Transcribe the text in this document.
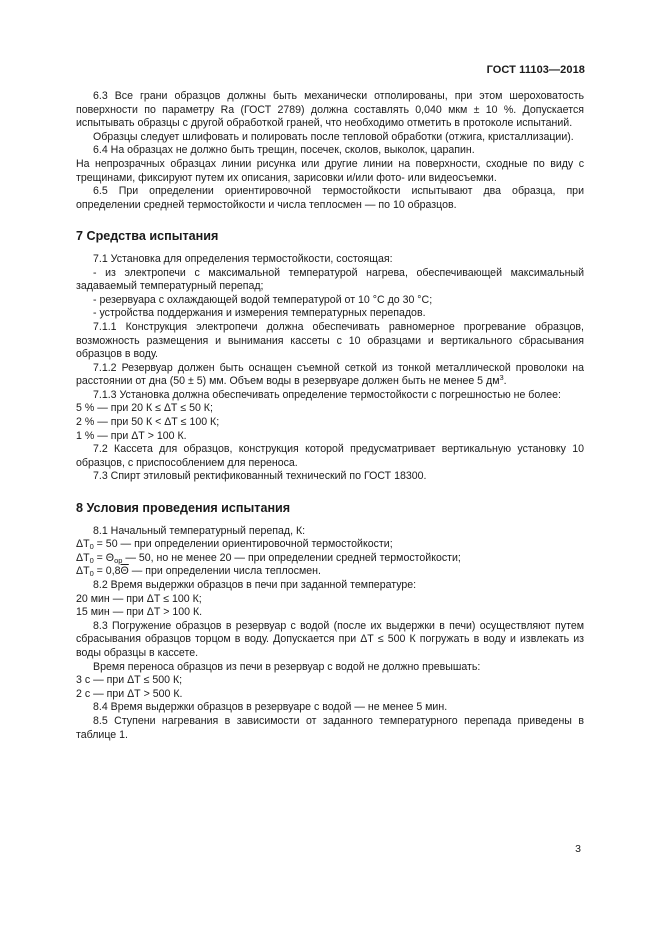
ГОСТ 11103—2018

6.3 Все грани образцов должны быть механически отполированы, при этом шероховатость поверхности по параметру Ra (ГОСТ 2789) должна составлять 0,040 мкм ± 10 %. Допускается испытывать образцы с другой обработкой граней, что необходимо отметить в протоколе испытаний.

Образцы следует шлифовать и полировать после тепловой обработки (отжига, кристаллизации).

6.4 На образцах не должно быть трещин, посечек, сколов, выколок, царапин.

На непрозрачных образцах линии рисунка или другие линии на поверхности, сходные по виду с трещинами, фиксируют путем их описания, зарисовки и/или фото- или видеосъемки.

6.5 При определении ориентировочной термостойкости испытывают два образца, при определении средней термостойкости и числа теплосмен — по 10 образцов.

7 Средства испытания

7.1 Установка для определения термостойкости, состоящая:

- из электропечи с максимальной температурой нагрева, обеспечивающей максимальный задаваемый температурный перепад;

- резервуара с охлаждающей водой температурой от 10 °С до 30 °С;

- устройства поддержания и измерения температурных перепадов.

7.1.1 Конструкция электропечи должна обеспечивать равномерное прогревание образцов, возможность размещения и вынимания кассеты с 10 образцами и вертикального сбрасывания образцов в воду.

7.1.2 Резервуар должен быть оснащен съемной сеткой из тонкой металлической проволоки на расстоянии от дна (50 ± 5) мм. Объем воды в резервуаре должен быть не менее 5 $дм^3$.

7.1.3 Установка должна обеспечивать определение термостойкости с погрешностью не более:

5 % — при 20 К ≤ ΔТ ≤ 50 К;

2 % — при 50 К < ΔТ ≤ 100 К;

1 % — при ΔТ > 100 К.

7.2 Кассета для образцов, конструкция которой предусматривает вертикальную установку 10 образцов, с приспособлением для переноса.

7.3 Спирт этиловый ректификованный технический по ГОСТ 18300.

8 Условия проведения испытания

8.1 Начальный температурный перепад, К:

$\Delta T_0 = 50$ — при определении ориентировочной термостойкости;

$\Delta T_0 = \Theta_{ор}$ — 50, но не менее 20 — при определении средней термостойкости;

$\Delta T_0 = 0,8\overline{\Theta}$ — при определении числа теплосмен.

8.2 Время выдержки образцов в печи при заданной температуре:

20 мин — при ΔТ ≤ 100 К;

15 мин — при ΔТ > 100 К.

8.3 Погружение образцов в резервуар с водой (после их выдержки в печи) осуществляют путем сбрасывания образцов торцом в воду. Допускается при ΔТ ≤ 500 К погружать в воду и извлекать из воды образцы в кассете.

Время переноса образцов из печи в резервуар с водой не должно превышать:

3 с — при ΔТ ≤ 500 К;

2 с — при ΔТ > 500 К.

8.4 Время выдержки образцов в резервуаре с водой — не менее 5 мин.

8.5 Ступени нагревания в зависимости от заданного температурного перепада приведены в таблице 1.

3
